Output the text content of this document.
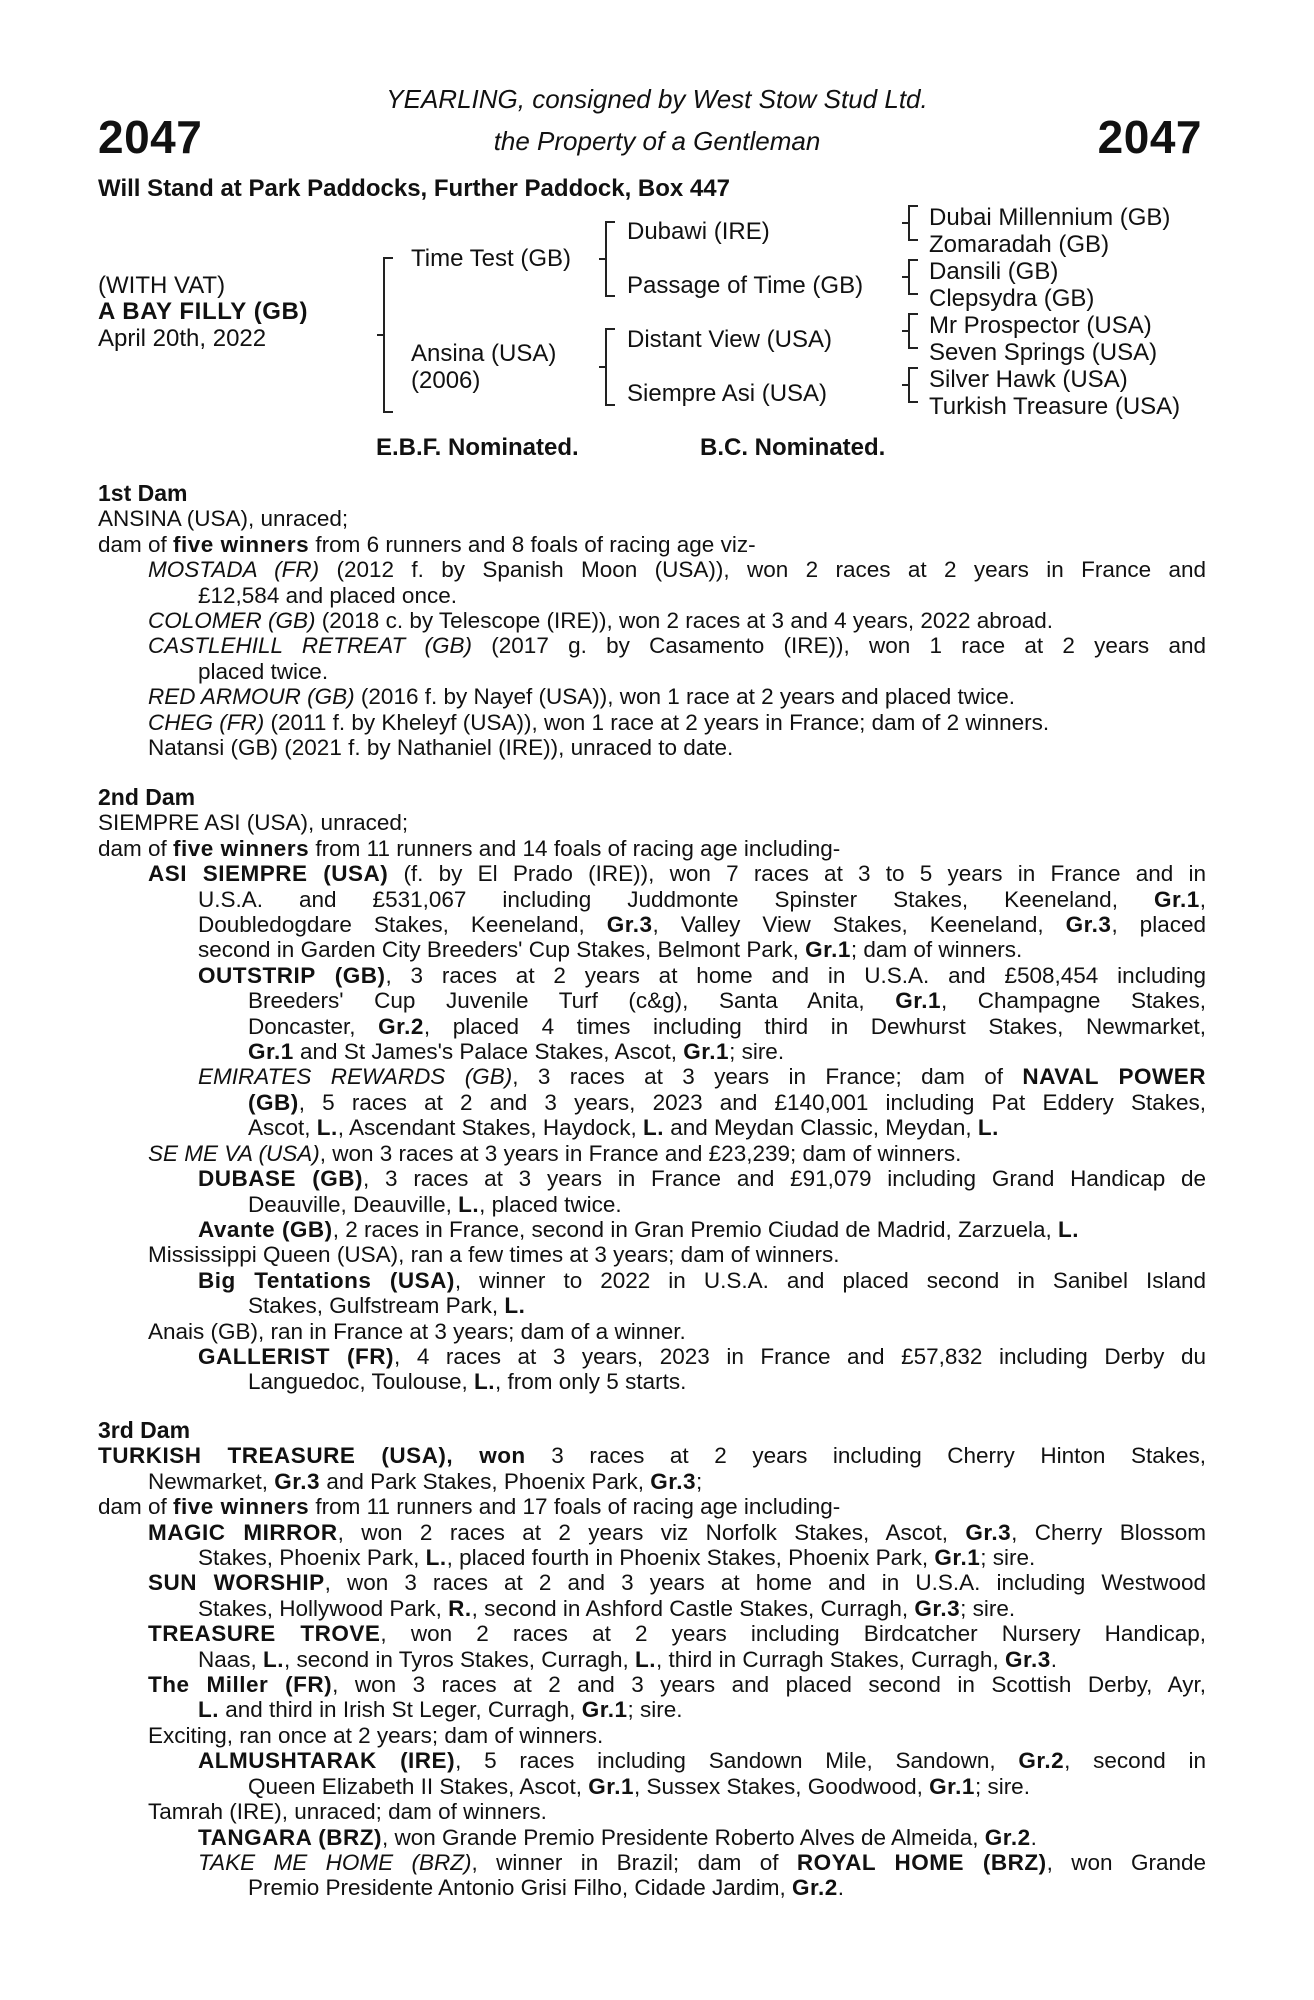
2047	2047
YEARLING, consigned by West Stow Stud Ltd.
the Property of a Gentleman
Will Stand at Park Paddocks, Further Paddock, Box 447
(WITH VAT)
A BAY FILLY (GB)
April 20th, 2022
Time Test (GB)
Ansina (USA)
(2006)
Dubawi (IRE)
Passage of Time (GB)
Distant View (USA)
Siempre Asi (USA)
Dubai Millennium (GB)
Zomaradah (GB)
Dansili (GB)
Clepsydra (GB)
Mr Prospector (USA)
Seven Springs (USA)
Silver Hawk (USA)
Turkish Treasure (USA)
E.B.F. Nominated.	B.C. Nominated.
1st Dam
ANSINA (USA), unraced;
dam of five winners from 6 runners and 8 foals of racing age viz-
MOSTADA (FR) (2012 f. by Spanish Moon (USA)), won 2 races at 2 years in France and
£12,584 and placed once.
COLOMER (GB) (2018 c. by Telescope (IRE)), won 2 races at 3 and 4 years, 2022 abroad.
CASTLEHILL RETREAT (GB) (2017 g. by Casamento (IRE)), won 1 race at 2 years and
placed twice.
RED ARMOUR (GB) (2016 f. by Nayef (USA)), won 1 race at 2 years and placed twice.
CHEG (FR) (2011 f. by Kheleyf (USA)), won 1 race at 2 years in France; dam of 2 winners.
Natansi (GB) (2021 f. by Nathaniel (IRE)), unraced to date.
2nd Dam
SIEMPRE ASI (USA), unraced;
dam of five winners from 11 runners and 14 foals of racing age including-
ASI SIEMPRE (USA) (f. by El Prado (IRE)), won 7 races at 3 to 5 years in France and in
U.S.A. and £531,067 including Juddmonte Spinster Stakes, Keeneland, Gr.1,
Doubledogdare Stakes, Keeneland, Gr.3, Valley View Stakes, Keeneland, Gr.3, placed
second in Garden City Breeders' Cup Stakes, Belmont Park, Gr.1; dam of winners.
OUTSTRIP (GB), 3 races at 2 years at home and in U.S.A. and £508,454 including
Breeders' Cup Juvenile Turf (c&g), Santa Anita, Gr.1, Champagne Stakes,
Doncaster, Gr.2, placed 4 times including third in Dewhurst Stakes, Newmarket,
Gr.1 and St James's Palace Stakes, Ascot, Gr.1; sire.
EMIRATES REWARDS (GB), 3 races at 3 years in France; dam of NAVAL POWER
(GB), 5 races at 2 and 3 years, 2023 and £140,001 including Pat Eddery Stakes,
Ascot, L., Ascendant Stakes, Haydock, L. and Meydan Classic, Meydan, L.
SE ME VA (USA), won 3 races at 3 years in France and £23,239; dam of winners.
DUBASE (GB), 3 races at 3 years in France and £91,079 including Grand Handicap de
Deauville, Deauville, L., placed twice.
Avante (GB), 2 races in France, second in Gran Premio Ciudad de Madrid, Zarzuela, L.
Mississippi Queen (USA), ran a few times at 3 years; dam of winners.
Big Tentations (USA), winner to 2022 in U.S.A. and placed second in Sanibel Island
Stakes, Gulfstream Park, L.
Anais (GB), ran in France at 3 years; dam of a winner.
GALLERIST (FR), 4 races at 3 years, 2023 in France and £57,832 including Derby du
Languedoc, Toulouse, L., from only 5 starts.
3rd Dam
TURKISH TREASURE (USA), won 3 races at 2 years including Cherry Hinton Stakes,
Newmarket, Gr.3 and Park Stakes, Phoenix Park, Gr.3;
dam of five winners from 11 runners and 17 foals of racing age including-
MAGIC MIRROR, won 2 races at 2 years viz Norfolk Stakes, Ascot, Gr.3, Cherry Blossom
Stakes, Phoenix Park, L., placed fourth in Phoenix Stakes, Phoenix Park, Gr.1; sire.
SUN WORSHIP, won 3 races at 2 and 3 years at home and in U.S.A. including Westwood
Stakes, Hollywood Park, R., second in Ashford Castle Stakes, Curragh, Gr.3; sire.
TREASURE TROVE, won 2 races at 2 years including Birdcatcher Nursery Handicap,
Naas, L., second in Tyros Stakes, Curragh, L., third in Curragh Stakes, Curragh, Gr.3.
The Miller (FR), won 3 races at 2 and 3 years and placed second in Scottish Derby, Ayr,
L. and third in Irish St Leger, Curragh, Gr.1; sire.
Exciting, ran once at 2 years; dam of winners.
ALMUSHTARAK (IRE), 5 races including Sandown Mile, Sandown, Gr.2, second in
Queen Elizabeth II Stakes, Ascot, Gr.1, Sussex Stakes, Goodwood, Gr.1; sire.
Tamrah (IRE), unraced; dam of winners.
TANGARA (BRZ), won Grande Premio Presidente Roberto Alves de Almeida, Gr.2.
TAKE ME HOME (BRZ), winner in Brazil; dam of ROYAL HOME (BRZ), won Grande
Premio Presidente Antonio Grisi Filho, Cidade Jardim, Gr.2.
